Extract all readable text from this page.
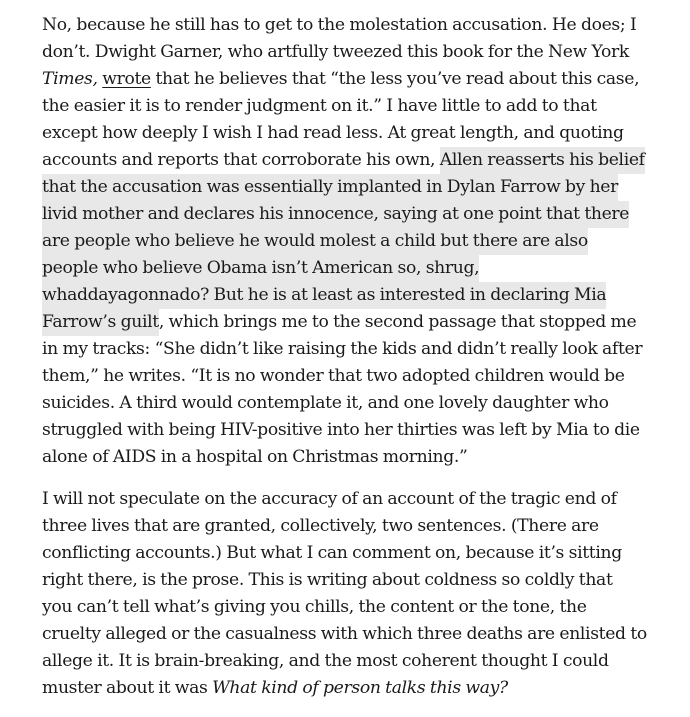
No, because he still has to get to the molestation accusation. He does; I don’t. Dwight Garner, who artfully tweezed this book for the New York Times, wrote that he believes that “the less you’ve read about this case, the easier it is to render judgment on it.” I have little to add to that except how deeply I wish I had read less. At great length, and quoting accounts and reports that corroborate his own, Allen reasserts his belief that the accusation was essentially implanted in Dylan Farrow by her livid mother and declares his innocence, saying at one point that there are people who believe he would molest a child but there are also people who believe Obama isn’t American so, shrug, whaddayagonnado? But he is at least as interested in declaring Mia Farrow’s guilt, which brings me to the second passage that stopped me in my tracks: “She didn’t like raising the kids and didn’t really look after them,” he writes. “It is no wonder that two adopted children would be suicides. A third would contemplate it, and one lovely daughter who struggled with being HIV-positive into her thirties was left by Mia to die alone of AIDS in a hospital on Christmas morning.”

I will not speculate on the accuracy of an account of the tragic end of three lives that are granted, collectively, two sentences. (There are conflicting accounts.) But what I can comment on, because it’s sitting right there, is the prose. This is writing about coldness so coldly that you can’t tell what’s giving you chills, the content or the tone, the cruelty alleged or the casualness with which three deaths are enlisted to allege it. It is brain-breaking, and the most coherent thought I could muster about it was What kind of person talks this way?
